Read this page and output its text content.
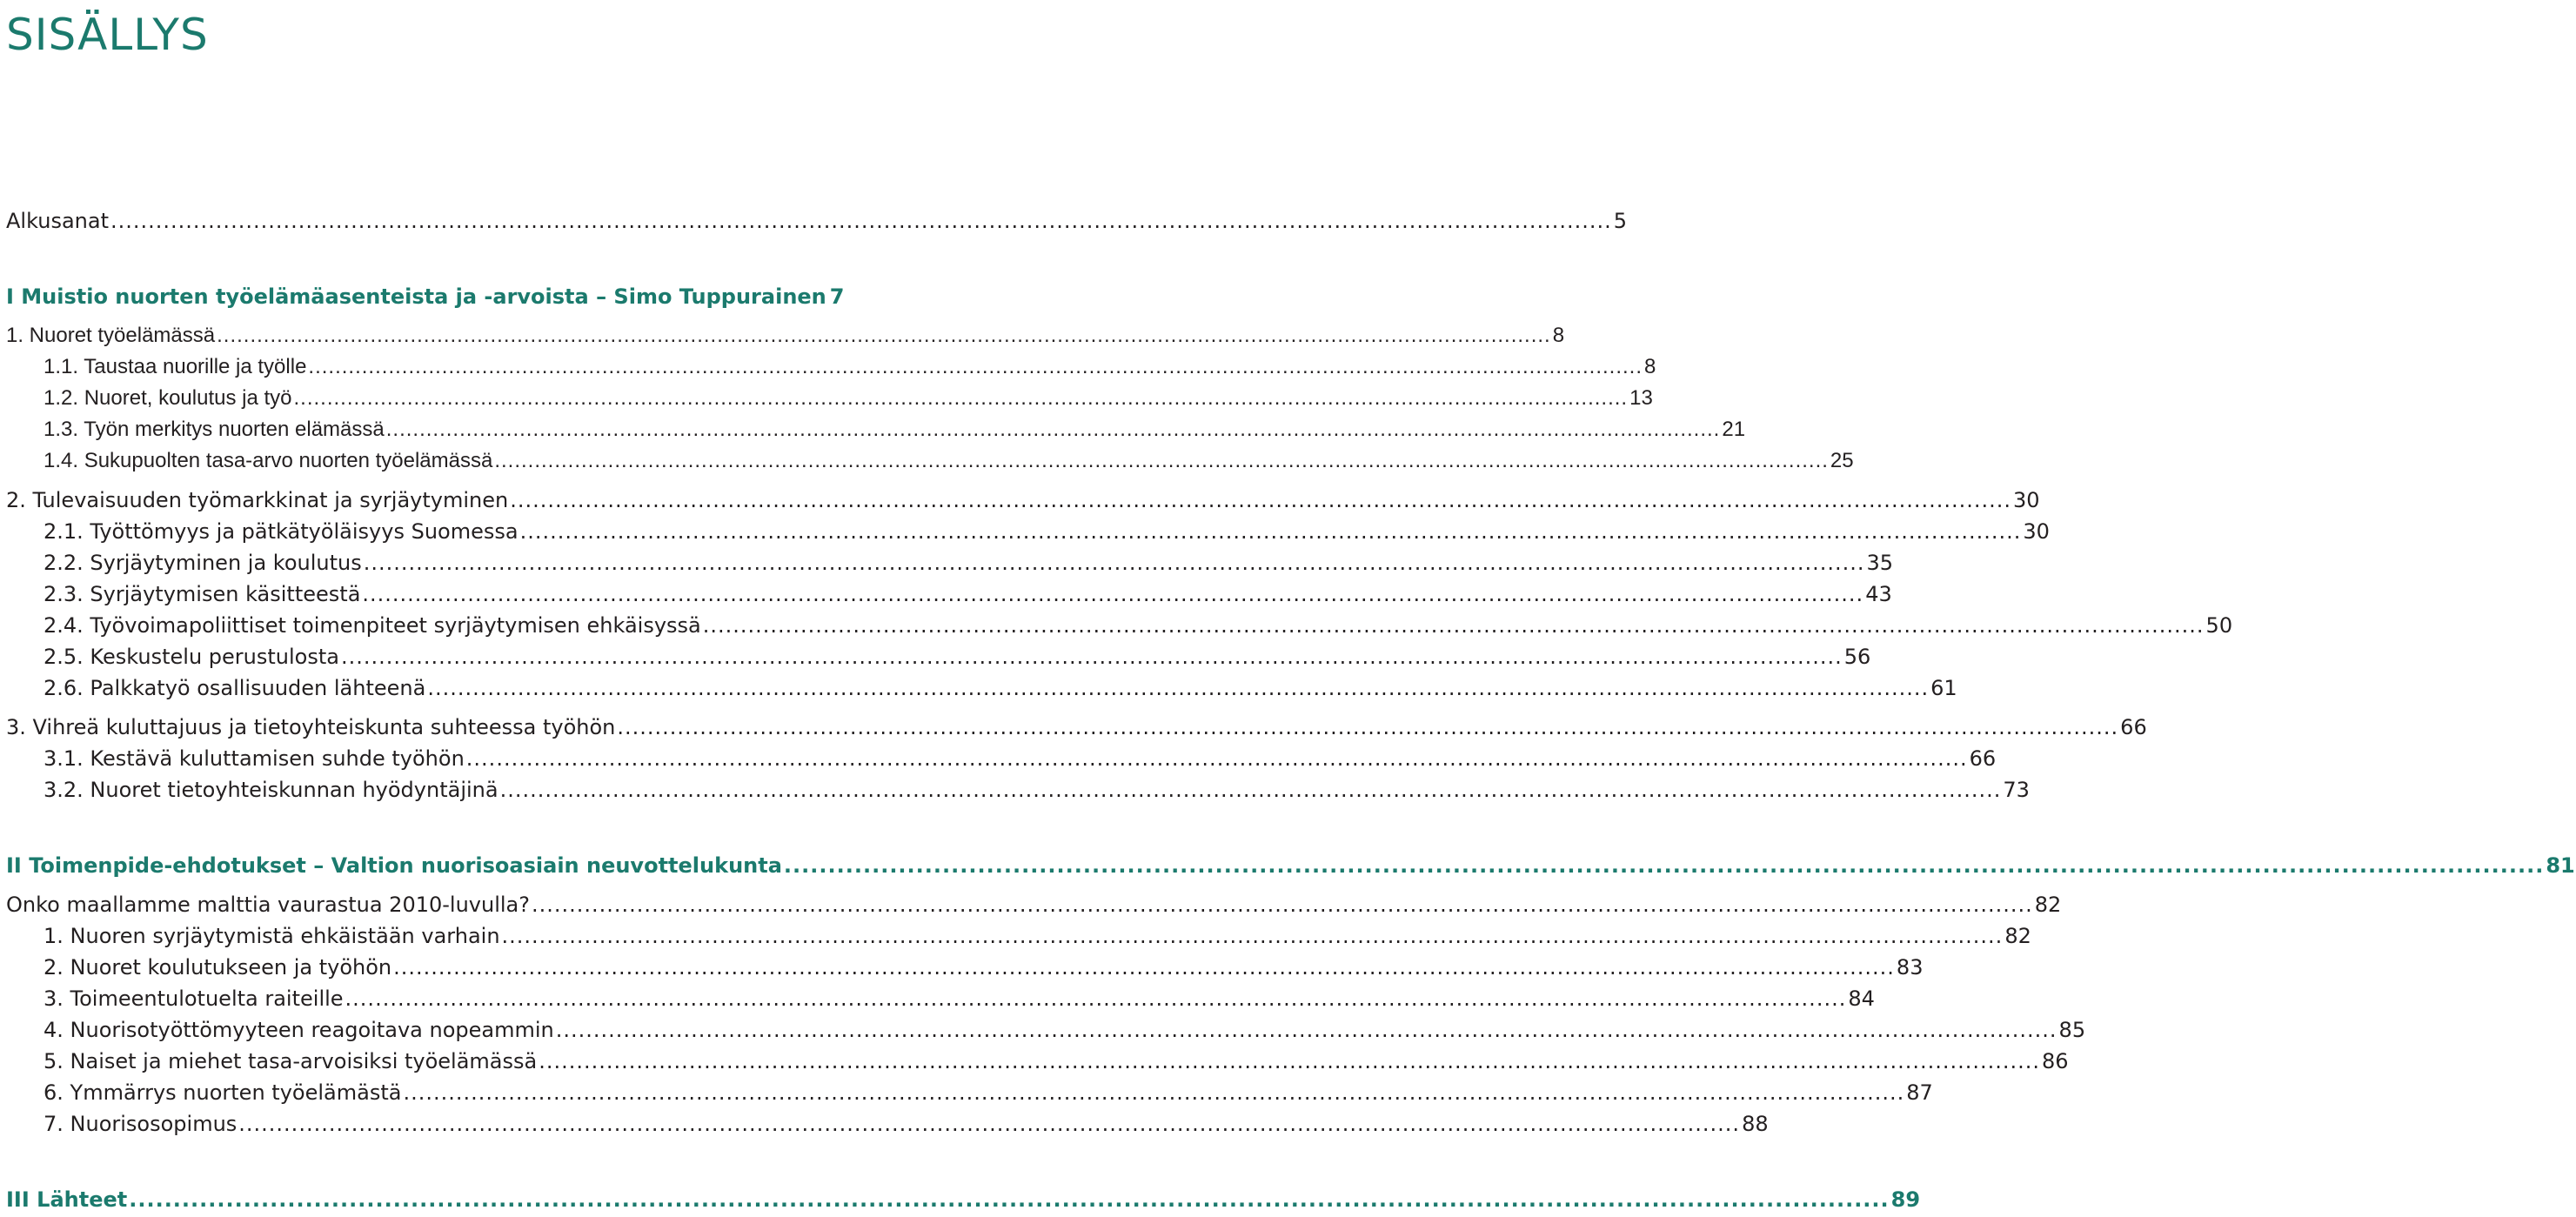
SISÄLLYS
Alkusanat ........................................................................................................................................................................................................ 5
I Muistio nuorten työelämäasenteista ja -arvoista – Simo Tuppurainen 7
1. Nuoret työelämässä ........................................................................................................................................................................................................ 8
1.1. Taustaa nuorille ja työlle ........................................................................................................................................................................................................ 8
1.2. Nuoret, koulutus ja työ ........................................................................................................................................................................................................ 13
1.3. Työn merkitys nuorten elämässä ........................................................................................................................................................................................................ 21
1.4. Sukupuolten tasa-arvo nuorten työelämässä ........................................................................................................................................................................................................ 25
2. Tulevaisuuden työmarkkinat ja syrjäytyminen ........................................................................................................................................................................................................ 30
2.1. Työttömyys ja pätkätyöläisyys Suomessa ........................................................................................................................................................................................................ 30
2.2. Syrjäytyminen ja koulutus ........................................................................................................................................................................................................ 35
2.3. Syrjäytymisen käsitteestä ........................................................................................................................................................................................................ 43
2.4. Työvoimapoliittiset toimenpiteet syrjäytymisen ehkäisyssä ........................................................................................................................................................................................................ 50
2.5. Keskustelu perustulosta ........................................................................................................................................................................................................ 56
2.6. Palkkatyö osallisuuden lähteenä ........................................................................................................................................................................................................ 61
3. Vihreä kuluttajuus ja tietoyhteiskunta suhteessa työhön ........................................................................................................................................................................................................ 66
3.1. Kestävä kuluttamisen suhde työhön ........................................................................................................................................................................................................ 66
3.2. Nuoret tietoyhteiskunnan hyödyntäjinä ........................................................................................................................................................................................................ 73
II Toimenpide-ehdotukset – Valtion nuorisoasiain neuvottelukunta ........................................................................................................................................................................................................ 81
Onko maallamme malttia vaurastua 2010-luvulla? ........................................................................................................................................................................................................ 82
1. Nuoren syrjäytymistä ehkäistään varhain ........................................................................................................................................................................................................ 82
2. Nuoret koulutukseen ja työhön ........................................................................................................................................................................................................ 83
3. Toimeentulotuelta raiteille ........................................................................................................................................................................................................ 84
4. Nuorisotyöttömyyteen reagoitava nopeammin ........................................................................................................................................................................................................ 85
5. Naiset ja miehet tasa-arvoisiksi työelämässä ........................................................................................................................................................................................................ 86
6. Ymmärrys nuorten työelämästä ........................................................................................................................................................................................................ 87
7. Nuorisosopimus ........................................................................................................................................................................................................ 88
III Lähteet ........................................................................................................................................................................................................ 89
